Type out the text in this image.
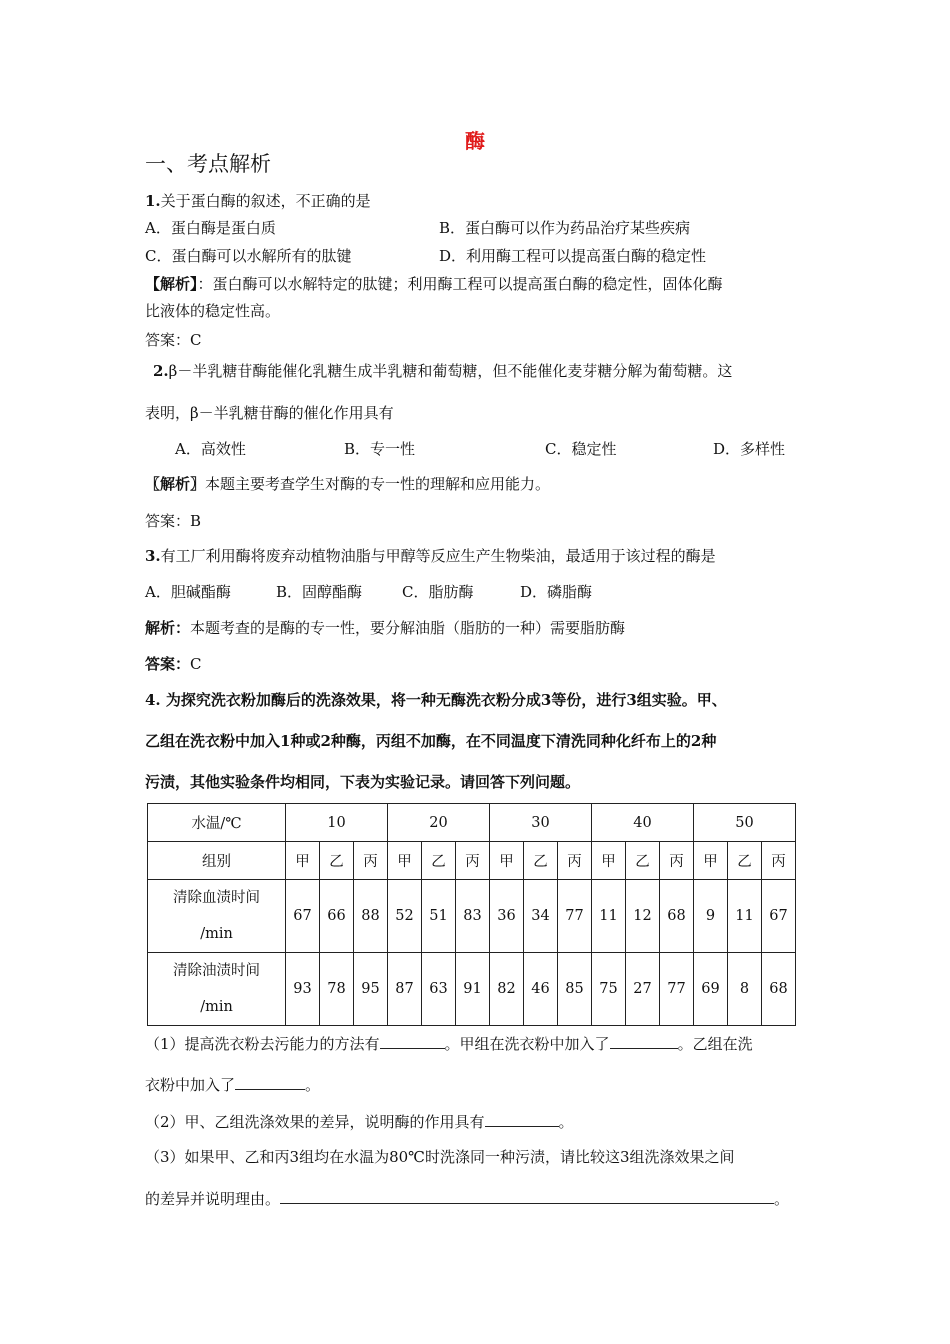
酶
一、考点解析
1.关于蛋白酶的叙述，不正确的是
A．蛋白酶是蛋白质	B．蛋白酶可以作为药品治疗某些疾病
C．蛋白酶可以水解所有的肽键	D．利用酶工程可以提高蛋白酶的稳定性
【解析】：蛋白酶可以水解特定的肽键；利用酶工程可以提高蛋白酶的稳定性，固体化酶
比液体的稳定性高。
答案：C
2.β－半乳糖苷酶能催化乳糖生成半乳糖和葡萄糖，但不能催化麦芽糖分解为葡萄糖。这
表明，β－半乳糖苷酶的催化作用具有
A．高效性	B．专一性	C．稳定性	D．多样性
〖解析〗本题主要考查学生对酶的专一性的理解和应用能力。
答案：B
3.有工厂利用酶将废弃动植物油脂与甲醇等反应生产生物柴油，最适用于该过程的酶是
A．胆碱酯酶	B．固醇酯酶	C．脂肪酶	D．磷脂酶
解析：本题考查的是酶的专一性，要分解油脂（脂肪的一种）需要脂肪酶
答案：C
4. 为探究洗衣粉加酶后的洗涤效果，将一种无酶洗衣粉分成3等份，进行3组实验。甲、
乙组在洗衣粉中加入1种或2种酶，丙组不加酶，在不同温度下清洗同种化纤布上的2种
污渍，其他实验条件均相同，下表为实验记录。请回答下列问题。
水温/℃	10			20			30			40			50		
组别	甲	乙	丙	甲	乙	丙	甲	乙	丙	甲	乙	丙	甲	乙	丙

清除血渍时间
/min	67	66	88	52	51	83	36	34	77	11	12	68	9	11	67

清除油渍时间
/min	93	78	95	87	63	91	82	46	85	75	27	77	69	8	68
（1）提高洗衣粉去污能力的方法有	。甲组在洗衣粉中加入了	。乙组在洗
衣粉中加入了	。
（2）甲、乙组洗涤效果的差异，说明酶的作用具有	。
（3）如果甲、乙和丙3组均在水温为80℃时洗涤同一种污渍，请比较这3组洗涤效果之间
的差异并说明理由。	。
